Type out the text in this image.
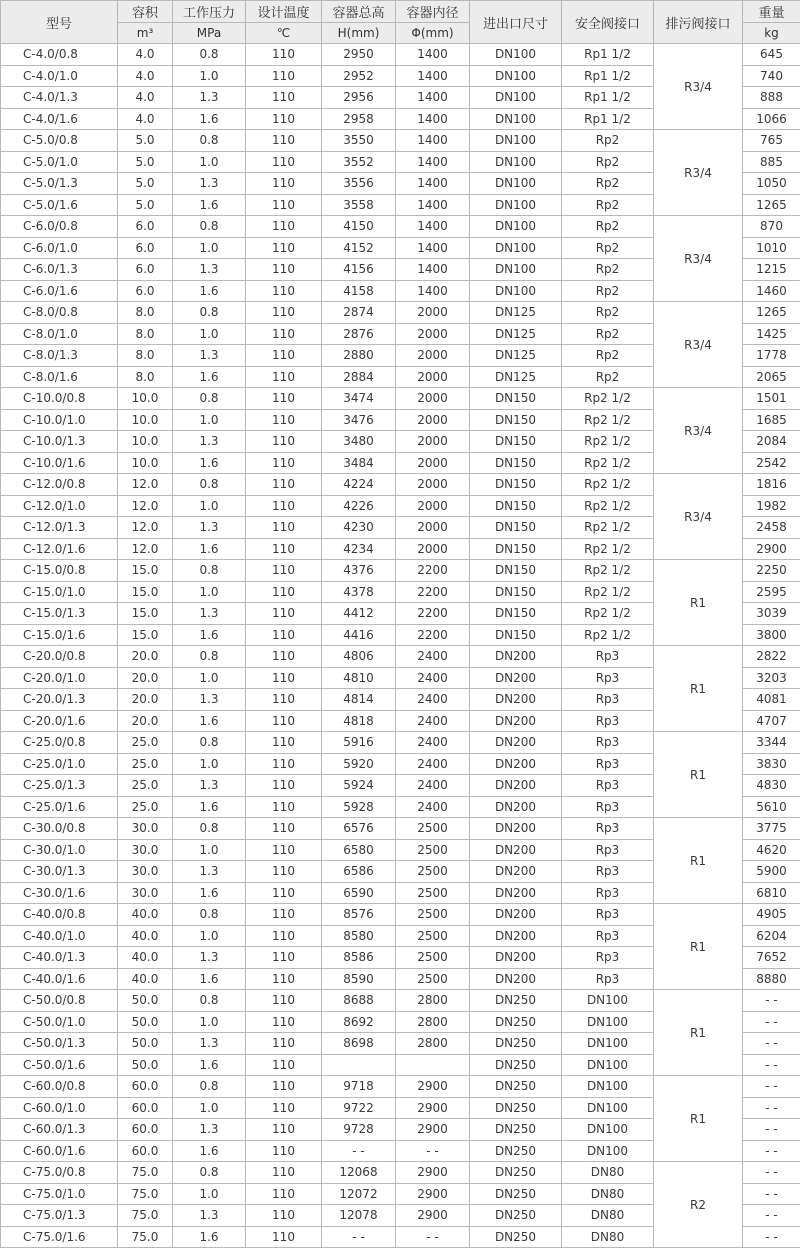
型号	容积	工作压力	设计温度	容器总高	容器内径	进出口尺寸	安全阀接口	排污阀接口	重量
	m³	MPa	℃	H(mm)	Φ(mm)				kg
C-4.0/0.8	4.0	0.8	110	2950	1400	DN100	Rp1 1/2	R3/4	645
C-4.0/1.0	4.0	1.0	110	2952	1400	DN100	Rp1 1/2		740
C-4.0/1.3	4.0	1.3	110	2956	1400	DN100	Rp1 1/2		888
C-4.0/1.6	4.0	1.6	110	2958	1400	DN100	Rp1 1/2		1066
C-5.0/0.8	5.0	0.8	110	3550	1400	DN100	Rp2	R3/4	765
C-5.0/1.0	5.0	1.0	110	3552	1400	DN100	Rp2		885
C-5.0/1.3	5.0	1.3	110	3556	1400	DN100	Rp2		1050
C-5.0/1.6	5.0	1.6	110	3558	1400	DN100	Rp2		1265
C-6.0/0.8	6.0	0.8	110	4150	1400	DN100	Rp2	R3/4	870
C-6.0/1.0	6.0	1.0	110	4152	1400	DN100	Rp2		1010
C-6.0/1.3	6.0	1.3	110	4156	1400	DN100	Rp2		1215
C-6.0/1.6	6.0	1.6	110	4158	1400	DN100	Rp2		1460
C-8.0/0.8	8.0	0.8	110	2874	2000	DN125	Rp2	R3/4	1265
C-8.0/1.0	8.0	1.0	110	2876	2000	DN125	Rp2		1425
C-8.0/1.3	8.0	1.3	110	2880	2000	DN125	Rp2		1778
C-8.0/1.6	8.0	1.6	110	2884	2000	DN125	Rp2		2065
C-10.0/0.8	10.0	0.8	110	3474	2000	DN150	Rp2 1/2	R3/4	1501
C-10.0/1.0	10.0	1.0	110	3476	2000	DN150	Rp2 1/2		1685
C-10.0/1.3	10.0	1.3	110	3480	2000	DN150	Rp2 1/2		2084
C-10.0/1.6	10.0	1.6	110	3484	2000	DN150	Rp2 1/2		2542
C-12.0/0.8	12.0	0.8	110	4224	2000	DN150	Rp2 1/2	R3/4	1816
C-12.0/1.0	12.0	1.0	110	4226	2000	DN150	Rp2 1/2		1982
C-12.0/1.3	12.0	1.3	110	4230	2000	DN150	Rp2 1/2		2458
C-12.0/1.6	12.0	1.6	110	4234	2000	DN150	Rp2 1/2		2900
C-15.0/0.8	15.0	0.8	110	4376	2200	DN150	Rp2 1/2	R1	2250
C-15.0/1.0	15.0	1.0	110	4378	2200	DN150	Rp2 1/2		2595
C-15.0/1.3	15.0	1.3	110	4412	2200	DN150	Rp2 1/2		3039
C-15.0/1.6	15.0	1.6	110	4416	2200	DN150	Rp2 1/2		3800
C-20.0/0.8	20.0	0.8	110	4806	2400	DN200	Rp3	R1	2822
C-20.0/1.0	20.0	1.0	110	4810	2400	DN200	Rp3		3203
C-20.0/1.3	20.0	1.3	110	4814	2400	DN200	Rp3		4081
C-20.0/1.6	20.0	1.6	110	4818	2400	DN200	Rp3		4707
C-25.0/0.8	25.0	0.8	110	5916	2400	DN200	Rp3	R1	3344
C-25.0/1.0	25.0	1.0	110	5920	2400	DN200	Rp3		3830
C-25.0/1.3	25.0	1.3	110	5924	2400	DN200	Rp3		4830
C-25.0/1.6	25.0	1.6	110	5928	2400	DN200	Rp3		5610
C-30.0/0.8	30.0	0.8	110	6576	2500	DN200	Rp3	R1	3775
C-30.0/1.0	30.0	1.0	110	6580	2500	DN200	Rp3		4620
C-30.0/1.3	30.0	1.3	110	6586	2500	DN200	Rp3		5900
C-30.0/1.6	30.0	1.6	110	6590	2500	DN200	Rp3		6810
C-40.0/0.8	40.0	0.8	110	8576	2500	DN200	Rp3	R1	4905
C-40.0/1.0	40.0	1.0	110	8580	2500	DN200	Rp3		6204
C-40.0/1.3	40.0	1.3	110	8586	2500	DN200	Rp3		7652
C-40.0/1.6	40.0	1.6	110	8590	2500	DN200	Rp3		8880
C-50.0/0.8	50.0	0.8	110	8688	2800	DN250	DN100	R1	- -
C-50.0/1.0	50.0	1.0	110	8692	2800	DN250	DN100		- -
C-50.0/1.3	50.0	1.3	110	8698	2800	DN250	DN100		- -
C-50.0/1.6	50.0	1.6	110			DN250	DN100		- -
C-60.0/0.8	60.0	0.8	110	9718	2900	DN250	DN100	R1	- -
C-60.0/1.0	60.0	1.0	110	9722	2900	DN250	DN100		- -
C-60.0/1.3	60.0	1.3	110	9728	2900	DN250	DN100		- -
C-60.0/1.6	60.0	1.6	110	- -	- -	DN250	DN100		- -
C-75.0/0.8	75.0	0.8	110	12068	2900	DN250	DN80	R2	- -
C-75.0/1.0	75.0	1.0	110	12072	2900	DN250	DN80		- -
C-75.0/1.3	75.0	1.3	110	12078	2900	DN250	DN80		- -
C-75.0/1.6	75.0	1.6	110	- -	- -	DN250	DN80		- -
